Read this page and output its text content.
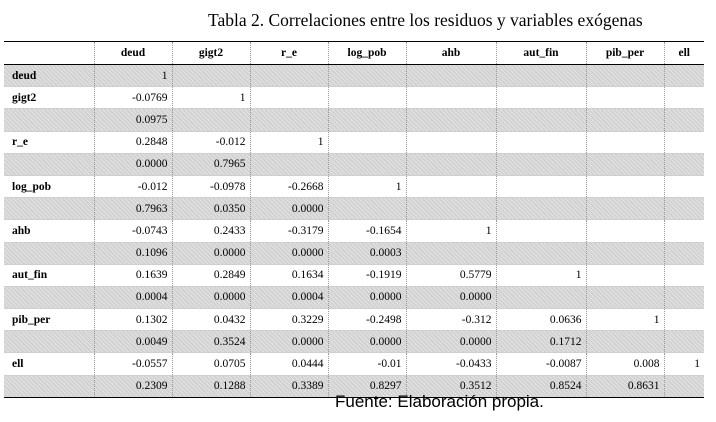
Tabla 2. Correlaciones entre los residuos y variables exógenas
	deud	gigt2	r_e	log_pob	ahb	aut_fin	pib_per	ell
deud	1							
gigt2	-0.0769	1						
	0.0975							
r_e	0.2848	-0.012	1					
	0.0000	0.7965						
log_pob	-0.012	-0.0978	-0.2668	1				
	0.7963	0.0350	0.0000					
ahb	-0.0743	0.2433	-0.3179	-0.1654	1			
	0.1096	0.0000	0.0000	0.0003				
aut_fin	0.1639	0.2849	0.1634	-0.1919	0.5779	1		
	0.0004	0.0000	0.0004	0.0000	0.0000			
pib_per	0.1302	0.0432	0.3229	-0.2498	-0.312	0.0636	1	
	0.0049	0.3524	0.0000	0.0000	0.0000	0.1712		
ell	-0.0557	0.0705	0.0444	-0.01	-0.0433	-0.0087	0.008	1
	0.2309	0.1288	0.3389	0.8297	0.3512	0.8524	0.8631	
Fuente: Elaboración propia.
